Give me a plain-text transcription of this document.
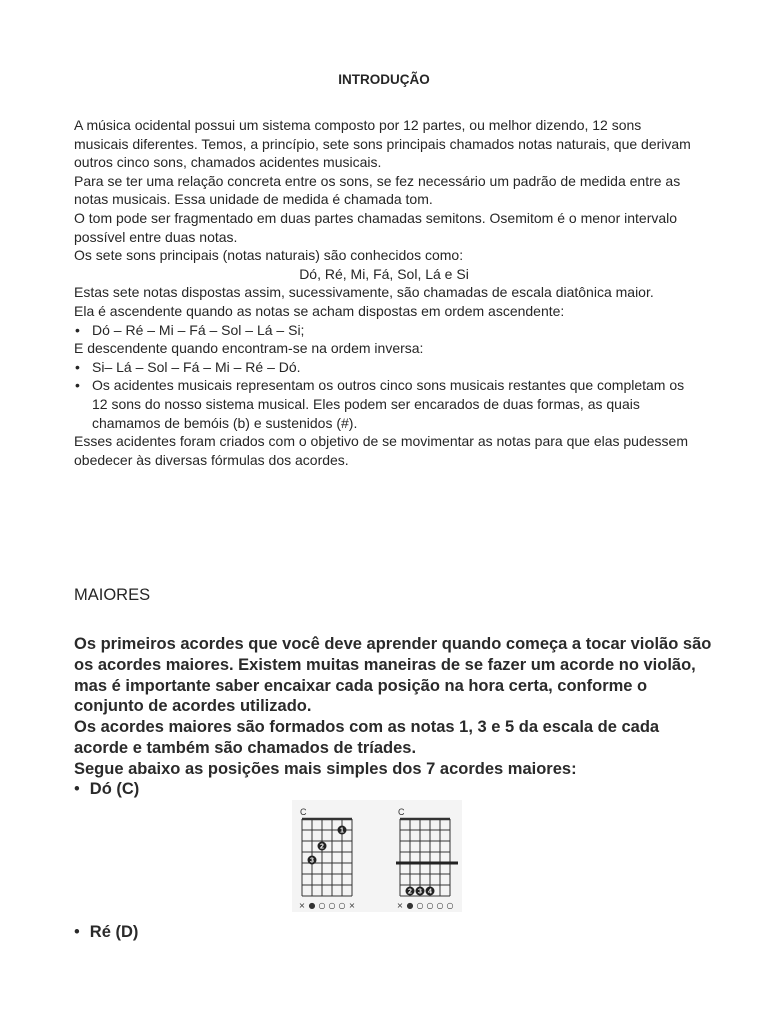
INTRODUÇÃO

A música ocidental possui um sistema composto por 12 partes, ou melhor dizendo, 12 sons musicais diferentes. Temos, a princípio, sete sons principais chamados notas naturais, que derivam outros cinco sons, chamados acidentes musicais.

Para se ter uma relação concreta entre os sons, se fez necessário um padrão de medida entre as notas musicais. Essa unidade de medida é chamada tom.

O tom pode ser fragmentado em duas partes chamadas semitons. Osemitom é o menor intervalo possível entre duas notas.

Os sete sons principais (notas naturais) são conhecidos como:

Dó, Ré, Mi, Fá, Sol, Lá e Si

Estas sete notas dispostas assim, sucessivamente, são chamadas de escala diatônica maior.

Ela é ascendente quando as notas se acham dispostas em ordem ascendente:

• Dó – Ré – Mi – Fá – Sol – Lá – Si;

E descendente quando encontram-se na ordem inversa:

• Si– Lá – Sol – Fá – Mi – Ré – Dó.

• Os acidentes musicais representam os outros cinco sons musicais restantes que completam os 12 sons do nosso sistema musical. Eles podem ser encarados de duas formas, as quais chamamos de bemóis (b) e sustenidos (#).

Esses acidentes foram criados com o objetivo de se movimentar as notas para que elas pudessem obedecer às diversas fórmulas dos acordes.

MAIORES

Os primeiros acordes que você deve aprender quando começa a tocar violão são os acordes maiores. Existem muitas maneiras de se fazer um acorde no violão, mas é importante saber encaixar cada posição na hora certa, conforme o conjunto de acordes utilizado.

Os acordes maiores são formados com as notas 1, 3 e 5 da escala de cada acorde e também são chamados de tríades.

Segue abaixo as posições mais simples dos 7 acordes maiores:

• Dó (C)
C
1
2
3
× ● ○ ○ ○ ×
C
2 3 4
× ● ○ ○ ○ ○
• Ré (D)
